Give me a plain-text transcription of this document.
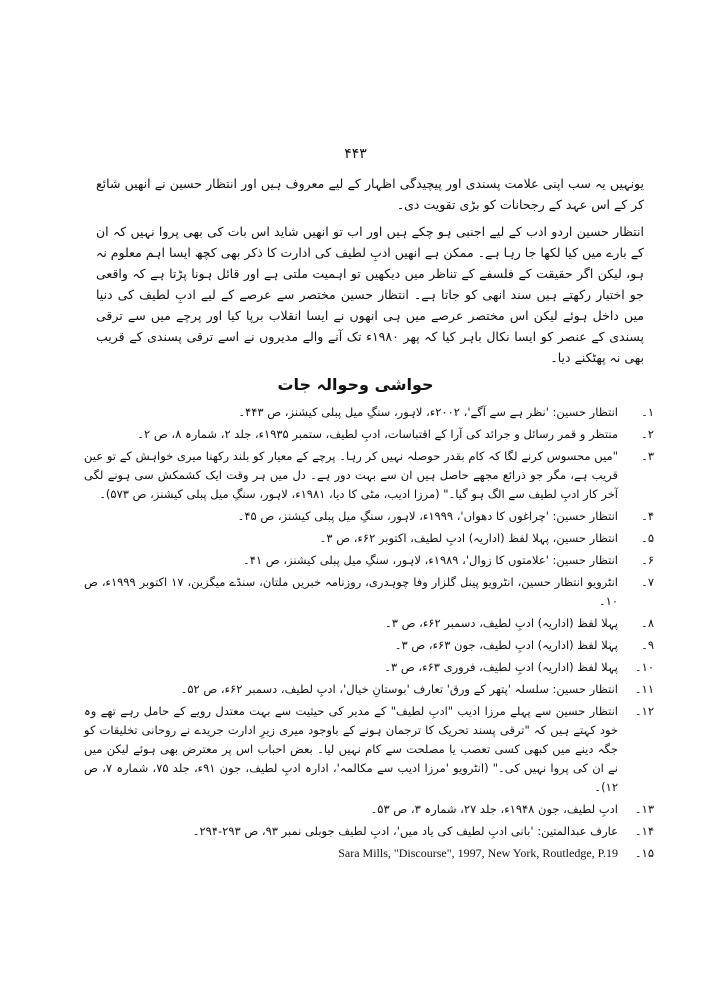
۴۴۳

یونہیں یہ سب اپنی علامت پسندی اور پیچیدگی اظہار کے لیے معروف ہیں اور انتظار حسین نے انھیں شائع کر کے اس عہد کے رجحانات کو بڑی تقویت دی۔

انتظار حسین اردو ادب کے لیے اجنبی ہو چکے ہیں اور اب تو انھیں شاید اس بات کی بھی پروا نہیں کہ ان کے بارے میں کیا لکھا جا رہا ہے۔ ممکن ہے انھیں ادبِ لطیف کی ادارت کا ذکر بھی کچھ ایسا اہم معلوم نہ ہو، لیکن اگر حقیقت کے فلسفے کے تناظر میں دیکھیں تو اہمیت ملتی ہے اور قائل ہونا پڑتا ہے کہ واقعی جو اختیار رکھتے ہیں سند انھی کو جاتا ہے۔ انتظار حسین مختصر سے عرصے کے لیے ادبِ لطیف کی دنیا میں داخل ہوئے لیکن اس مختصر عرصے میں ہی انھوں نے ایسا انقلاب برپا کیا اور پرچے میں سے ترقی پسندی کے عنصر کو ایسا نکال باہر کیا کہ پھر ۱۹۸۰ء تک آنے والے مدیروں نے اسے ترقی پسندی کے قریب بھی نہ پھٹکنے دیا۔

حواشی وحوالہ جات
۱۔
انتظار حسین: 'نظر ہے سے آگے'، ۲۰۰۲ء، لاہور، سنگِ میل پبلی کیشنز، ص ۴۴۳۔
۲۔
منتظر و قمر رسائل و جرائد کی آرا کے اقتباسات، ادبِ لطیف، ستمبر ۱۹۳۵ء، جلد ۲، شمارہ ۸، ص ۲۔
۳۔
"میں محسوس کرنے لگا کہ کام بقدر حوصلہ نہیں کر رہا۔ پرچے کے معیار کو بلند رکھنا میری خواہش کے تو عین قریب ہے، مگر جو ذرائع مجھے حاصل ہیں ان سے بہت دور ہے۔ دل میں ہر وقت ایک کشمکش سی ہونے لگی آخر کار ادبِ لطیف سے الگ ہو گیا۔" (مرزا ادیب، مٹی کا دیا، ۱۹۸۱ء، لاہور، سنگِ میل پبلی کیشنز، ص ۵۷۳)۔
۴۔
انتظار حسین: 'چراغوں کا دھواں'، ۱۹۹۹ء، لاہور، سنگِ میل پبلی کیشنز، ص ۴۵۔
۵۔
انتظار حسین، پہلا لفظ (اداریہ) ادبِ لطیف، اکتوبر ۶۲ء، ص ۳۔
۶۔
انتظار حسین: 'علامتوں کا زوال'، ۱۹۸۹ء، لاہور، سنگِ میل پبلی کیشنز، ص ۴۱۔
۷۔
انٹرویو انتظار حسین، انٹرویو پینل گلزار وفا چوہدری، روزنامہ خبریں ملتان، سنڈے میگزین، ۱۷ اکتوبر ۱۹۹۹ء، ص ۱۰۔
۸۔
پہلا لفظ (اداریہ) ادبِ لطیف، دسمبر ۶۲ء، ص ۳۔
۹۔
پہلا لفظ (اداریہ) ادبِ لطیف، جون ۶۳ء، ص ۳۔
۱۰۔
پہلا لفظ (اداریہ) ادبِ لطیف، فروری ۶۳ء، ص ۳۔
۱۱۔
انتظار حسین: سلسلہ 'پتھر کے ورق' تعارف 'بوستانِ خیال'، ادبِ لطیف، دسمبر ۶۲ء، ص ۵۲۔
۱۲۔
انتظار حسین سے پہلے مرزا ادیب "ادبِ لطیف" کے مدیر کی حیثیت سے بہت معتدل رویے کے حامل رہے تھے وہ خود کہتے ہیں کہ "ترقی پسند تحریک کا ترجمان ہونے کے باوجود میری زیرِ ادارت جریدے نے روحانی تخلیقات کو جگہ دینے میں کبھی کسی تعصب یا مصلحت سے کام نہیں لیا۔ بعض احباب اس پر معترض بھی ہوئے لیکن میں نے ان کی پروا نہیں کی۔" (انٹرویو 'مرزا ادیب سے مکالمہ'، ادارہ ادبِ لطیف، جون ۹۱ء، جلد ۷۵، شمارہ ۷، ص ۱۲)۔
۱۳۔
ادبِ لطیف، جون ۱۹۴۸ء، جلد ۲۷، شمارہ ۳، ص ۵۳۔
۱۴۔
عارف عبدالمتین: 'بانی ادبِ لطیف کی یاد میں'، ادبِ لطیف جوبلی نمبر ۹۳، ص ۲۹۳-۲۹۴۔
۱۵۔
Sara Mills, "Discourse", 1997, New York, Routledge, P.19
